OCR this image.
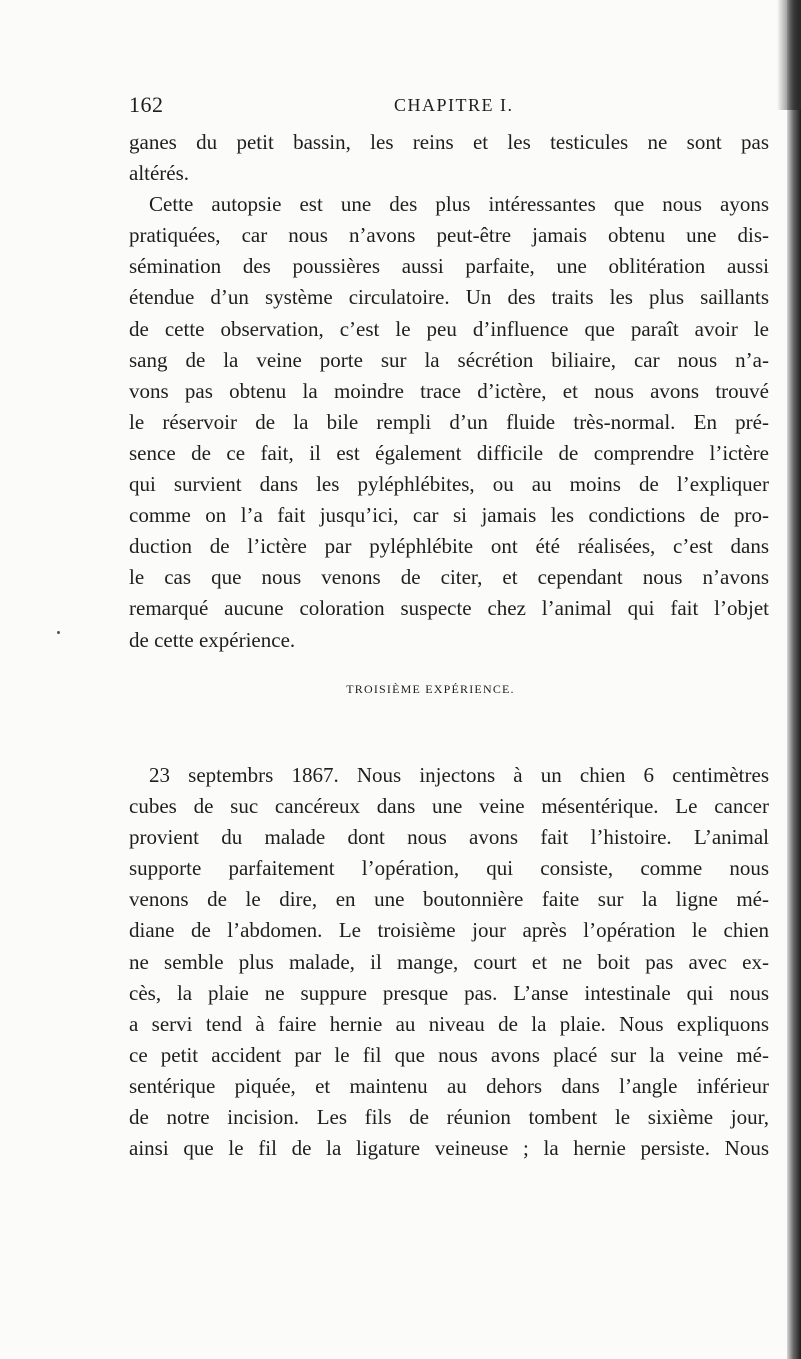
162	CHAPITRE I.
ganes du petit bassin, les reins et les testicules ne sont pas
altérés.
Cette autopsie est une des plus intéressantes que nous ayons
pratiquées, car nous n’avons peut-être jamais obtenu une dis-
sémination des poussières aussi parfaite, une oblitération aussi
étendue d’un système circulatoire. Un des traits les plus saillants
de cette observation, c’est le peu d’influence que paraît avoir le
sang de la veine porte sur la sécrétion biliaire, car nous n’a-
vons pas obtenu la moindre trace d’ictère, et nous avons trouvé
le réservoir de la bile rempli d’un fluide très-normal. En pré-
sence de ce fait, il est également difficile de comprendre l’ictère
qui survient dans les pyléphlébites, ou au moins de l’expliquer
comme on l’a fait jusqu’ici, car si jamais les condictions de pro-
duction de l’ictère par pyléphlébite ont été réalisées, c’est dans
le cas que nous venons de citer, et cependant nous n’avons
remarqué aucune coloration suspecte chez l’animal qui fait l’objet
de cette expérience.
TROISIÈME EXPÉRIENCE.
23 septembrs 1867. Nous injectons à un chien 6 centimètres
cubes de suc cancéreux dans une veine mésentérique. Le cancer
provient du malade dont nous avons fait l’histoire. L’animal
supporte parfaitement l’opération, qui consiste, comme nous
venons de le dire, en une boutonnière faite sur la ligne mé-
diane de l’abdomen. Le troisième jour après l’opération le chien
ne semble plus malade, il mange, court et ne boit pas avec ex-
cès, la plaie ne suppure presque pas. L’anse intestinale qui nous
a servi tend à faire hernie au niveau de la plaie. Nous expliquons
ce petit accident par le fil que nous avons placé sur la veine mé-
sentérique piquée, et maintenu au dehors dans l’angle inférieur
de notre incision. Les fils de réunion tombent le sixième jour,
ainsi que le fil de la ligature veineuse ; la hernie persiste. Nous
